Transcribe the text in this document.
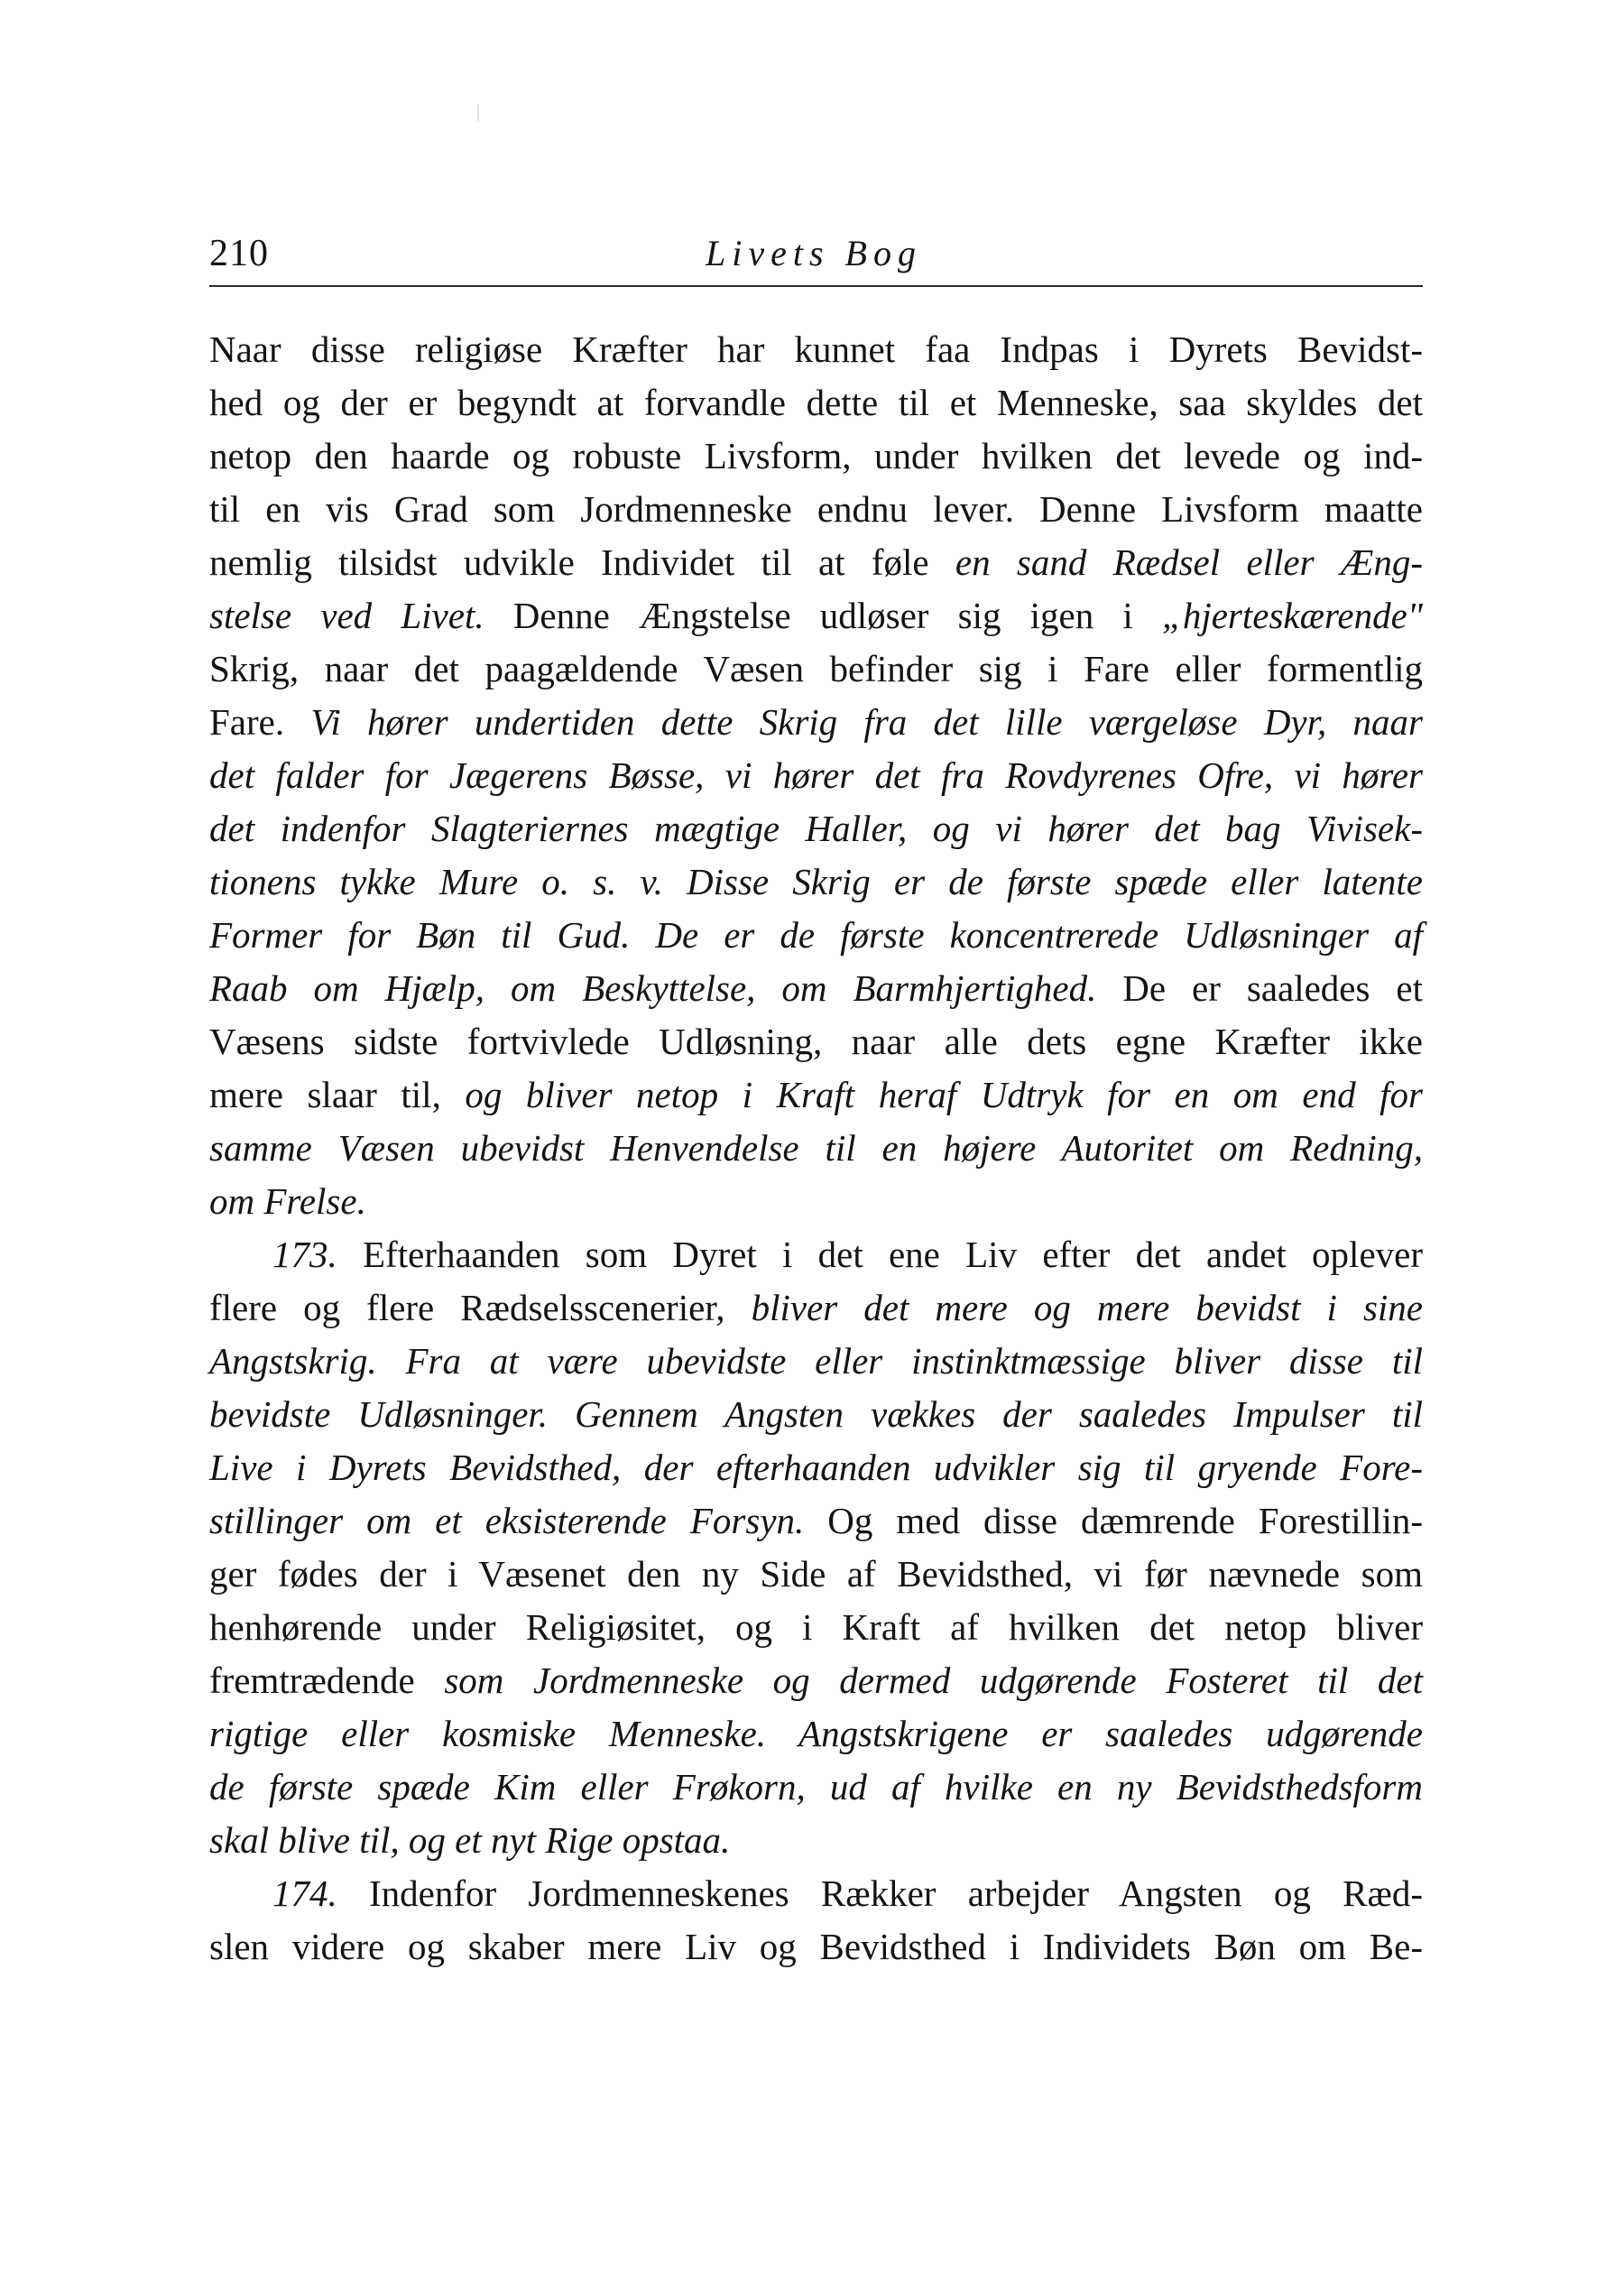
210	Livets Bog
Naar disse religiøse Kræfter har kunnet faa Indpas i Dyrets Bevidst-
hed og der er begyndt at forvandle dette til et Menneske, saa skyldes det
netop den haarde og robuste Livsform, under hvilken det levede og ind-
til en vis Grad som Jordmenneske endnu lever. Denne Livsform maatte
nemlig tilsidst udvikle Individet til at føle en sand Rædsel eller Æng-
stelse ved Livet. Denne Ængstelse udløser sig igen i „hjerteskærende"
Skrig, naar det paagældende Væsen befinder sig i Fare eller formentlig
Fare. Vi hører undertiden dette Skrig fra det lille værgeløse Dyr, naar
det falder for Jægerens Bøsse, vi hører det fra Rovdyrenes Ofre, vi hører
det indenfor Slagteriernes mægtige Haller, og vi hører det bag Vivisek-
tionens tykke Mure o. s. v. Disse Skrig er de første spæde eller latente
Former for Bøn til Gud. De er de første koncentrerede Udløsninger af
Raab om Hjælp, om Beskyttelse, om Barmhjertighed. De er saaledes et
Væsens sidste fortvivlede Udløsning, naar alle dets egne Kræfter ikke
mere slaar til, og bliver netop i Kraft heraf Udtryk for en om end for
samme Væsen ubevidst Henvendelse til en højere Autoritet om Redning,
om Frelse.
173. Efterhaanden som Dyret i det ene Liv efter det andet oplever
flere og flere Rædselsscenerier, bliver det mere og mere bevidst i sine
Angstskrig. Fra at være ubevidste eller instinktmæssige bliver disse til
bevidste Udløsninger. Gennem Angsten vækkes der saaledes Impulser til
Live i Dyrets Bevidsthed, der efterhaanden udvikler sig til gryende Fore-
stillinger om et eksisterende Forsyn. Og med disse dæmrende Forestillin-
ger fødes der i Væsenet den ny Side af Bevidsthed, vi før nævnede som
henhørende under Religiøsitet, og i Kraft af hvilken det netop bliver
fremtrædende som Jordmenneske og dermed udgørende Fosteret til det
rigtige eller kosmiske Menneske. Angstskrigene er saaledes udgørende
de første spæde Kim eller Frøkorn, ud af hvilke en ny Bevidsthedsform
skal blive til, og et nyt Rige opstaa.
174. Indenfor Jordmenneskenes Rækker arbejder Angsten og Ræd-
slen videre og skaber mere Liv og Bevidsthed i Individets Bøn om Be-
